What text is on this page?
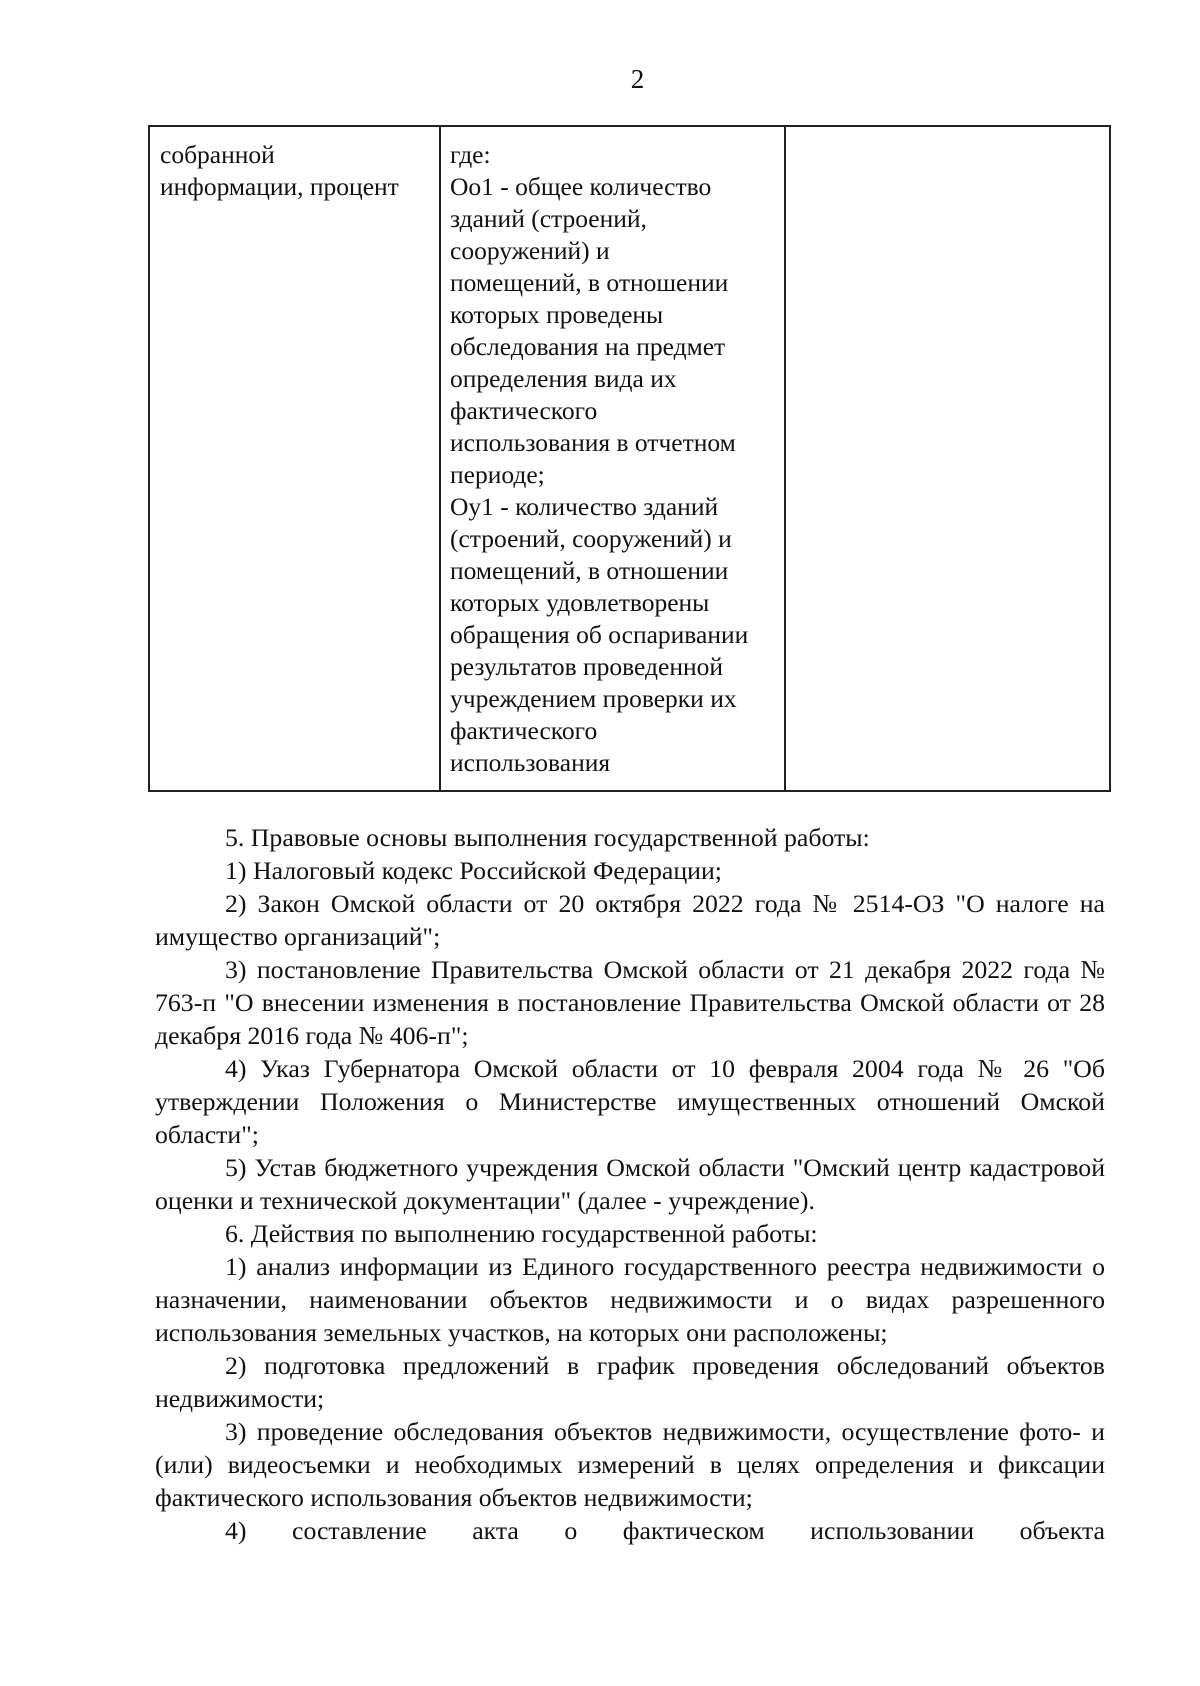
2
собранной
информации, процент
где:
Оо1 - общее количество
зданий (строений,
сооружений) и
помещений, в отношении
которых проведены
обследования на предмет
определения вида их
фактического
использования в отчетном
периоде;
Оу1 - количество зданий
(строений, сооружений) и
помещений, в отношении
которых удовлетворены
обращения об оспаривании
результатов проведенной
учреждением проверки их
фактического
использования

5. Правовые основы выполнения государственной работы:

1) Налоговый кодекс Российской Федерации;

2) Закон Омской области от 20 октября 2022 года № 2514-ОЗ "О налоге на имущество организаций";

3) постановление Правительства Омской области от 21 декабря 2022 года № 763-п "О внесении изменения в постановление Правительства Омской области от 28 декабря 2016 года № 406-п";

4) Указ Губернатора Омской области от 10 февраля 2004 года № 26 "Об утверждении Положения о Министерстве имущественных отношений Омской области";

5) Устав бюджетного учреждения Омской области "Омский центр кадастровой оценки и технической документации" (далее - учреждение).

6. Действия по выполнению государственной работы:

1) анализ информации из Единого государственного реестра недвижимости о назначении, наименовании объектов недвижимости и о видах разрешенного использования земельных участков, на которых они расположены;

2) подготовка предложений в график проведения обследований объектов недвижимости;

3) проведение обследования объектов недвижимости, осуществление фото- и (или) видеосъемки и необходимых измерений в целях определения и фиксации фактического использования объектов недвижимости;

4) составление акта о фактическом использовании объекта
